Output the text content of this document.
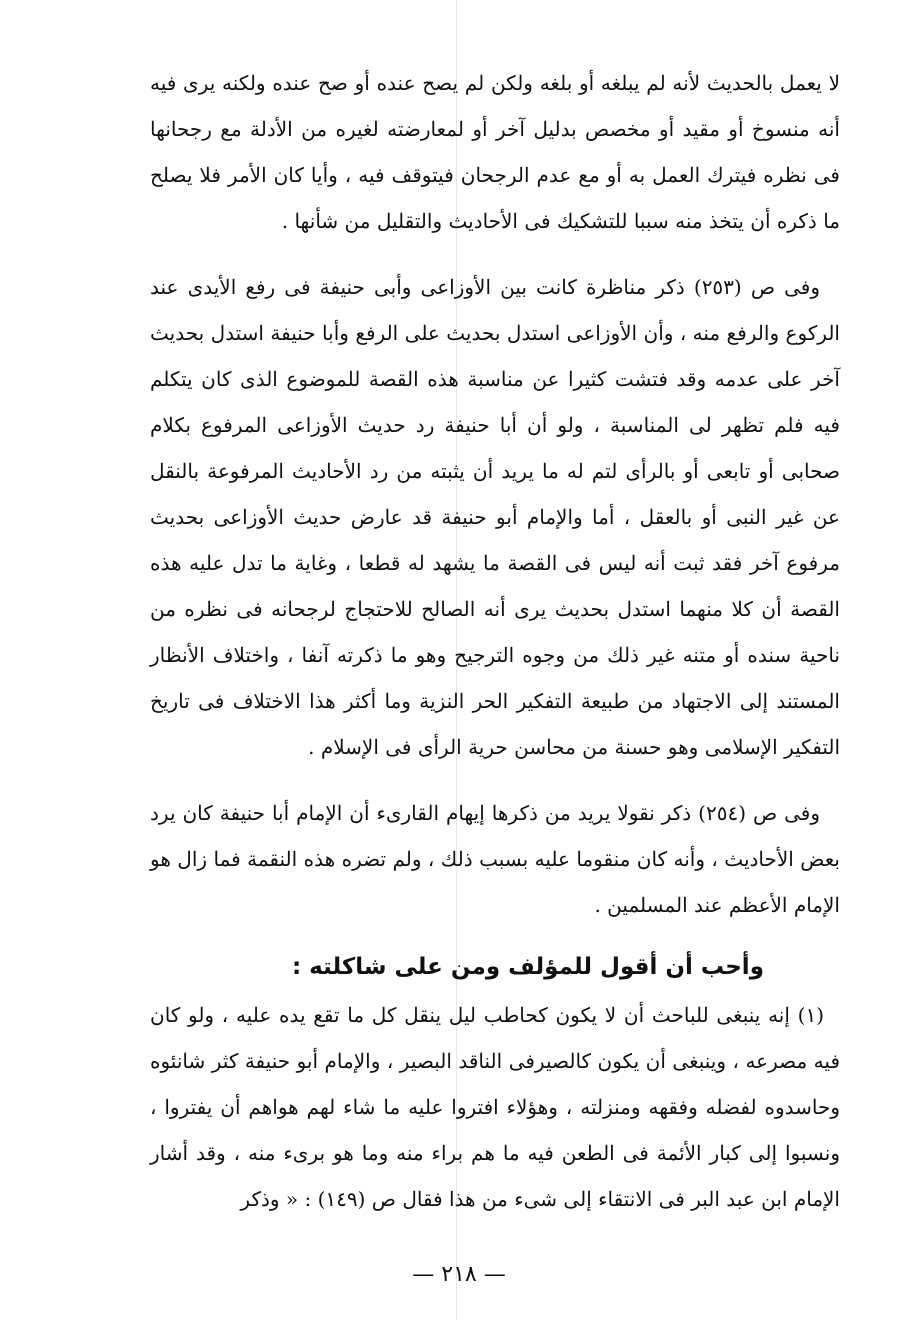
لا يعمل بالحديث لأنه لم يبلغه أو بلغه ولكن لم يصح عنده أو صح عنده ولكنه يرى فيه أنه منسوخ أو مقيد أو مخصص بدليل آخر أو لمعارضته لغيره من الأدلة مع رجحانها فى نظره فيترك العمل به أو مع عدم الرجحان فيتوقف فيه ، وأيا كان الأمر فلا يصلح ما ذكره أن يتخذ منه سببا للتشكيك فى الأحاديث والتقليل من شأنها .

وفى ص (٢٥٣) ذكر مناظرة كانت بين الأوزاعى وأبى حنيفة فى رفع الأيدى عند الركوع والرفع منه ، وأن الأوزاعى استدل بحديث على الرفع وأبا حنيفة استدل بحديث آخر على عدمه وقد فتشت كثيرا عن مناسبة هذه القصة للموضوع الذى كان يتكلم فيه فلم تظهر لى المناسبة ، ولو أن أبا حنيفة رد حديث الأوزاعى المرفوع بكلام صحابى أو تابعى أو بالرأى لتم له ما يريد أن يثبته من رد الأحاديث المرفوعة بالنقل عن غير النبى أو بالعقل ، أما والإمام أبو حنيفة قد عارض حديث الأوزاعى بحديث مرفوع آخر فقد ثبت أنه ليس فى القصة ما يشهد له قطعا ، وغاية ما تدل عليه هذه القصة أن كلا منهما استدل بحديث يرى أنه الصالح للاحتجاج لرجحانه فى نظره من ناحية سنده أو متنه غير ذلك من وجوه الترجيح وهو ما ذكرته آنفا ، واختلاف الأنظار المستند إلى الاجتهاد من طبيعة التفكير الحر النزية وما أكثر هذا الاختلاف فى تاريخ التفكير الإسلامى وهو حسنة من محاسن حرية الرأى فى الإسلام .

وفى ص (٢٥٤) ذكر نقولا يريد من ذكرها إيهام القارىء أن الإمام أبا حنيفة كان يرد بعض الأحاديث ، وأنه كان منقوما عليه بسبب ذلك ، ولم تضره هذه النقمة فما زال هو الإمام الأعظم عند المسلمين .

وأحب أن أقول للمؤلف ومن على شاكلته :

(١) إنه ينبغى للباحث أن لا يكون كحاطب ليل ينقل كل ما تقع يده عليه ، ولو كان فيه مصرعه ، وينبغى أن يكون كالصيرفى الناقد البصير ، والإمام أبو حنيفة كثر شانئوه وحاسدوه لفضله وفقهه ومنزلته ، وهؤلاء افتروا عليه ما شاء لهم هواهم أن يفتروا ، ونسبوا إلى كبار الأئمة فى الطعن فيه ما هم براء منه وما هو برىء منه ، وقد أشار الإمام ابن عبد البر فى الانتقاء إلى شىء من هذا فقال ص (١٤٩) : « وذكر

— ٢١٨ —
